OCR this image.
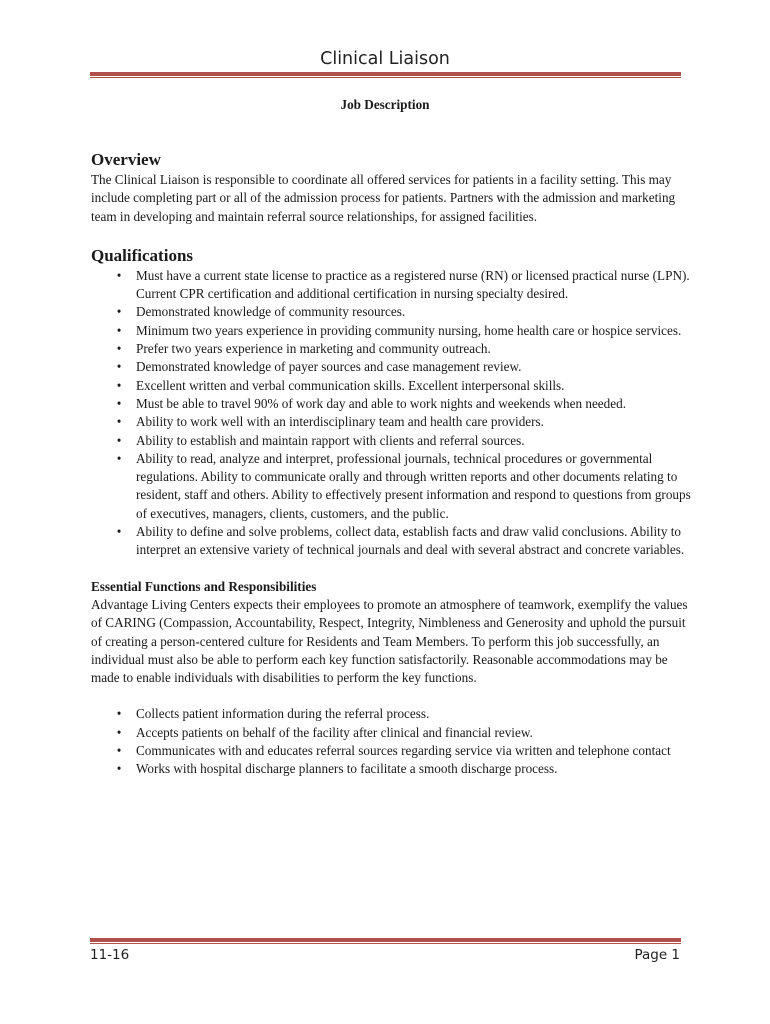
Clinical Liaison
Job Description
Overview

The Clinical Liaison is responsible to coordinate all offered services for patients in a facility setting. This may include completing part or all of the admission process for patients. Partners with the admission and marketing team in developing and maintain referral source relationships, for assigned facilities.

Qualifications
• Must have a current state license to practice as a registered nurse (RN) or licensed practical nurse (LPN). Current CPR certification and additional certification in nursing specialty desired.
• Demonstrated knowledge of community resources.
• Minimum two years experience in providing community nursing, home health care or hospice services.
• Prefer two years experience in marketing and community outreach.
• Demonstrated knowledge of payer sources and case management review.
• Excellent written and verbal communication skills. Excellent interpersonal skills.
• Must be able to travel 90% of work day and able to work nights and weekends when needed.
• Ability to work well with an interdisciplinary team and health care providers.
• Ability to establish and maintain rapport with clients and referral sources.
• Ability to read, analyze and interpret, professional journals, technical procedures or governmental regulations. Ability to communicate orally and through written reports and other documents relating to resident, staff and others. Ability to effectively present information and respond to questions from groups of executives, managers, clients, customers, and the public.
• Ability to define and solve problems, collect data, establish facts and draw valid conclusions. Ability to interpret an extensive variety of technical journals and deal with several abstract and concrete variables.
Essential Functions and Responsibilities

Advantage Living Centers expects their employees to promote an atmosphere of teamwork, exemplify the values of CARING (Compassion, Accountability, Respect, Integrity, Nimbleness and Generosity and uphold the pursuit of creating a person-centered culture for Residents and Team Members. To perform this job successfully, an individual must also be able to perform each key function satisfactorily. Reasonable accommodations may be made to enable individuals with disabilities to perform the key functions.

• Collects patient information during the referral process.
• Accepts patients on behalf of the facility after clinical and financial review.
• Communicates with and educates referral sources regarding service via written and telephone contact
• Works with hospital discharge planners to facilitate a smooth discharge process.
11-16	Page 1
